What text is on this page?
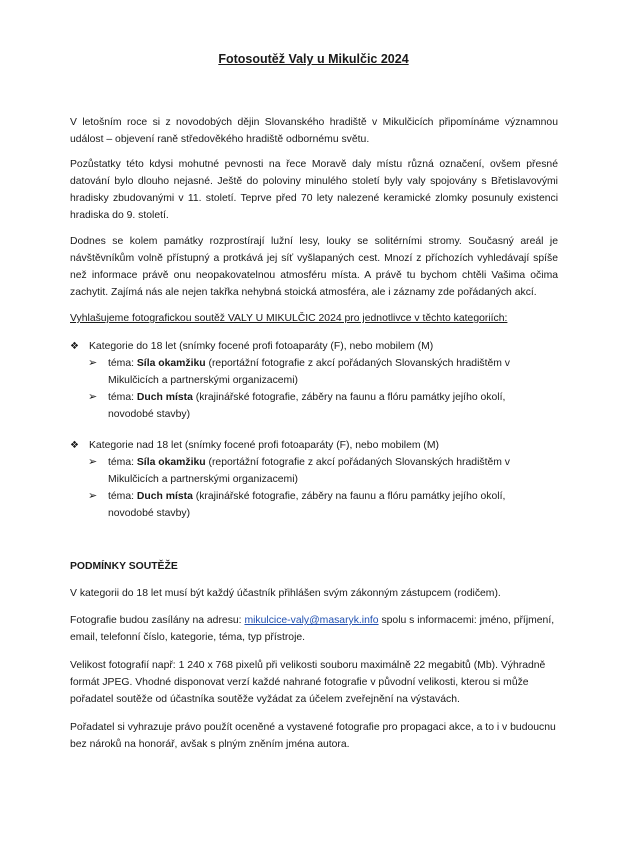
Fotosoutěž Valy u Mikulčic 2024

V letošním roce si z novodobých dějin Slovanského hradiště v Mikulčicích připomínáme významnou událost – objevení raně středověkého hradiště odbornému světu.

Pozůstatky této kdysi mohutné pevnosti na řece Moravě daly místu různá označení, ovšem přesné datování bylo dlouho nejasné. Ještě do poloviny minulého století byly valy spojovány s Břetislavovými hradisky zbudovanými v 11. století. Teprve před 70 lety nalezené keramické zlomky posunuly existenci hradiska do 9. století.

Dodnes se kolem památky rozprostírají lužní lesy, louky se solitérními stromy. Současný areál je návštěvníkům volně přístupný a protkává jej síť vyšlapaných cest. Mnozí z příchozích vyhledávají spíše než informace právě onu neopakovatelnou atmosféru místa. A právě tu bychom chtěli Vašima očima zachytit. Zajímá nás ale nejen takřka nehybná stoická atmosféra, ale i záznamy zde pořádaných akcí.

Vyhlašujeme fotografickou soutěž VALY U MIKULČIC 2024 pro jednotlivce v těchto kategoriích:

❖ Kategorie do 18 let (snímky focené profi fotoaparáty (F), nebo mobilem (M)
➢ téma: Síla okamžiku (reportážní fotografie z akcí pořádaných Slovanských hradištěm v Mikulčicích a partnerskými organizacemi)
➢ téma: Duch místa (krajinářské fotografie, záběry na faunu a flóru památky jejího okolí, novodobé stavby)
❖ Kategorie nad 18 let (snímky focené profi fotoaparáty (F), nebo mobilem (M)
➢ téma: Síla okamžiku (reportážní fotografie z akcí pořádaných Slovanských hradištěm v Mikulčicích a partnerskými organizacemi)
➢ téma: Duch místa (krajinářské fotografie, záběry na faunu a flóru památky jejího okolí, novodobé stavby)

PODMÍNKY SOUTĚŽE

V kategorii do 18 let musí být každý účastník přihlášen svým zákonným zástupcem (rodičem).

Fotografie budou zasílány na adresu: mikulcice-valy@masaryk.info spolu s informacemi: jméno, příjmení, email, telefonní číslo, kategorie, téma, typ přístroje.

Velikost fotografií např: 1 240 x 768 pixelů při velikosti souboru maximálně 22 megabitů (Mb). Výhradně formát JPEG. Vhodné disponovat verzí každé nahrané fotografie v původní velikosti, kterou si může pořadatel soutěže od účastníka soutěže vyžádat za účelem zveřejnění na výstavách.

Pořadatel si vyhrazuje právo použít oceněné a vystavené fotografie pro propagaci akce, a to i v budoucnu bez nároků na honorář, avšak s plným zněním jména autora.
